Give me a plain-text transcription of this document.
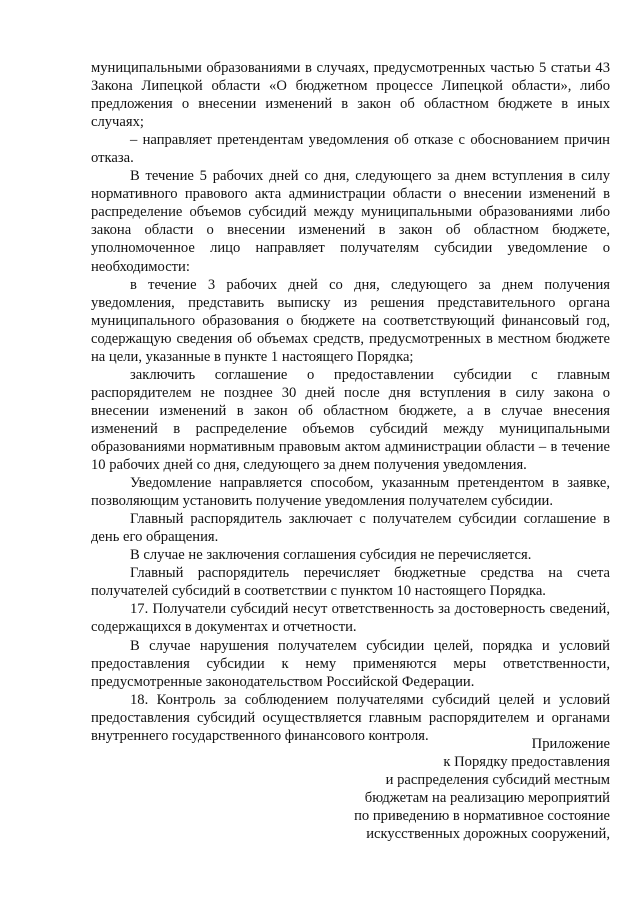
муниципальными образованиями в случаях, предусмотренных частью 5 статьи 43 Закона Липецкой области «О бюджетном процессе Липецкой области», либо предложения о внесении изменений в закон об областном бюджете в иных случаях;

– направляет претендентам уведомления об отказе с обоснованием причин отказа.

В течение 5 рабочих дней со дня, следующего за днем вступления в силу нормативного правового акта администрации области о внесении изменений в распределение объемов субсидий между муниципальными образованиями либо закона области о внесении изменений в закон об областном бюджете, уполномоченное лицо направляет получателям субсидии уведомление о необходимости:

в течение 3 рабочих дней со дня, следующего за днем получения уведомления, представить выписку из решения представительного органа муниципального образования о бюджете на соответствующий финансовый год, содержащую сведения об объемах средств, предусмотренных в местном бюджете на цели, указанные в пункте 1 настоящего Порядка;

заключить соглашение о предоставлении субсидии с главным распорядителем не позднее 30 дней после дня вступления в силу закона о внесении изменений в закон об областном бюджете, а в случае внесения изменений в распределение объемов субсидий между муниципальными образованиями нормативным правовым актом администрации области – в течение 10 рабочих дней со дня, следующего за днем получения уведомления.

Уведомление направляется способом, указанным претендентом в заявке, позволяющим установить получение уведомления получателем субсидии.

Главный распорядитель заключает с получателем субсидии соглашение в день его обращения.

В случае не заключения соглашения субсидия не перечисляется.

Главный распорядитель перечисляет бюджетные средства на счета получателей субсидий в соответствии с пунктом 10 настоящего Порядка.

17. Получатели субсидий несут ответственность за достоверность сведений, содержащихся в документах и отчетности.

В случае нарушения получателем субсидии целей, порядка и условий предоставления субсидии к нему применяются меры ответственности, предусмотренные законодательством Российской Федерации.

18. Контроль за соблюдением получателями субсидий целей и условий предоставления субсидий осуществляется главным распорядителем и органами внутреннего государственного финансового контроля.

Приложение
к Порядку предоставления
и распределения субсидий местным
бюджетам на реализацию мероприятий
по приведению в нормативное состояние
искусственных дорожных сооружений,
